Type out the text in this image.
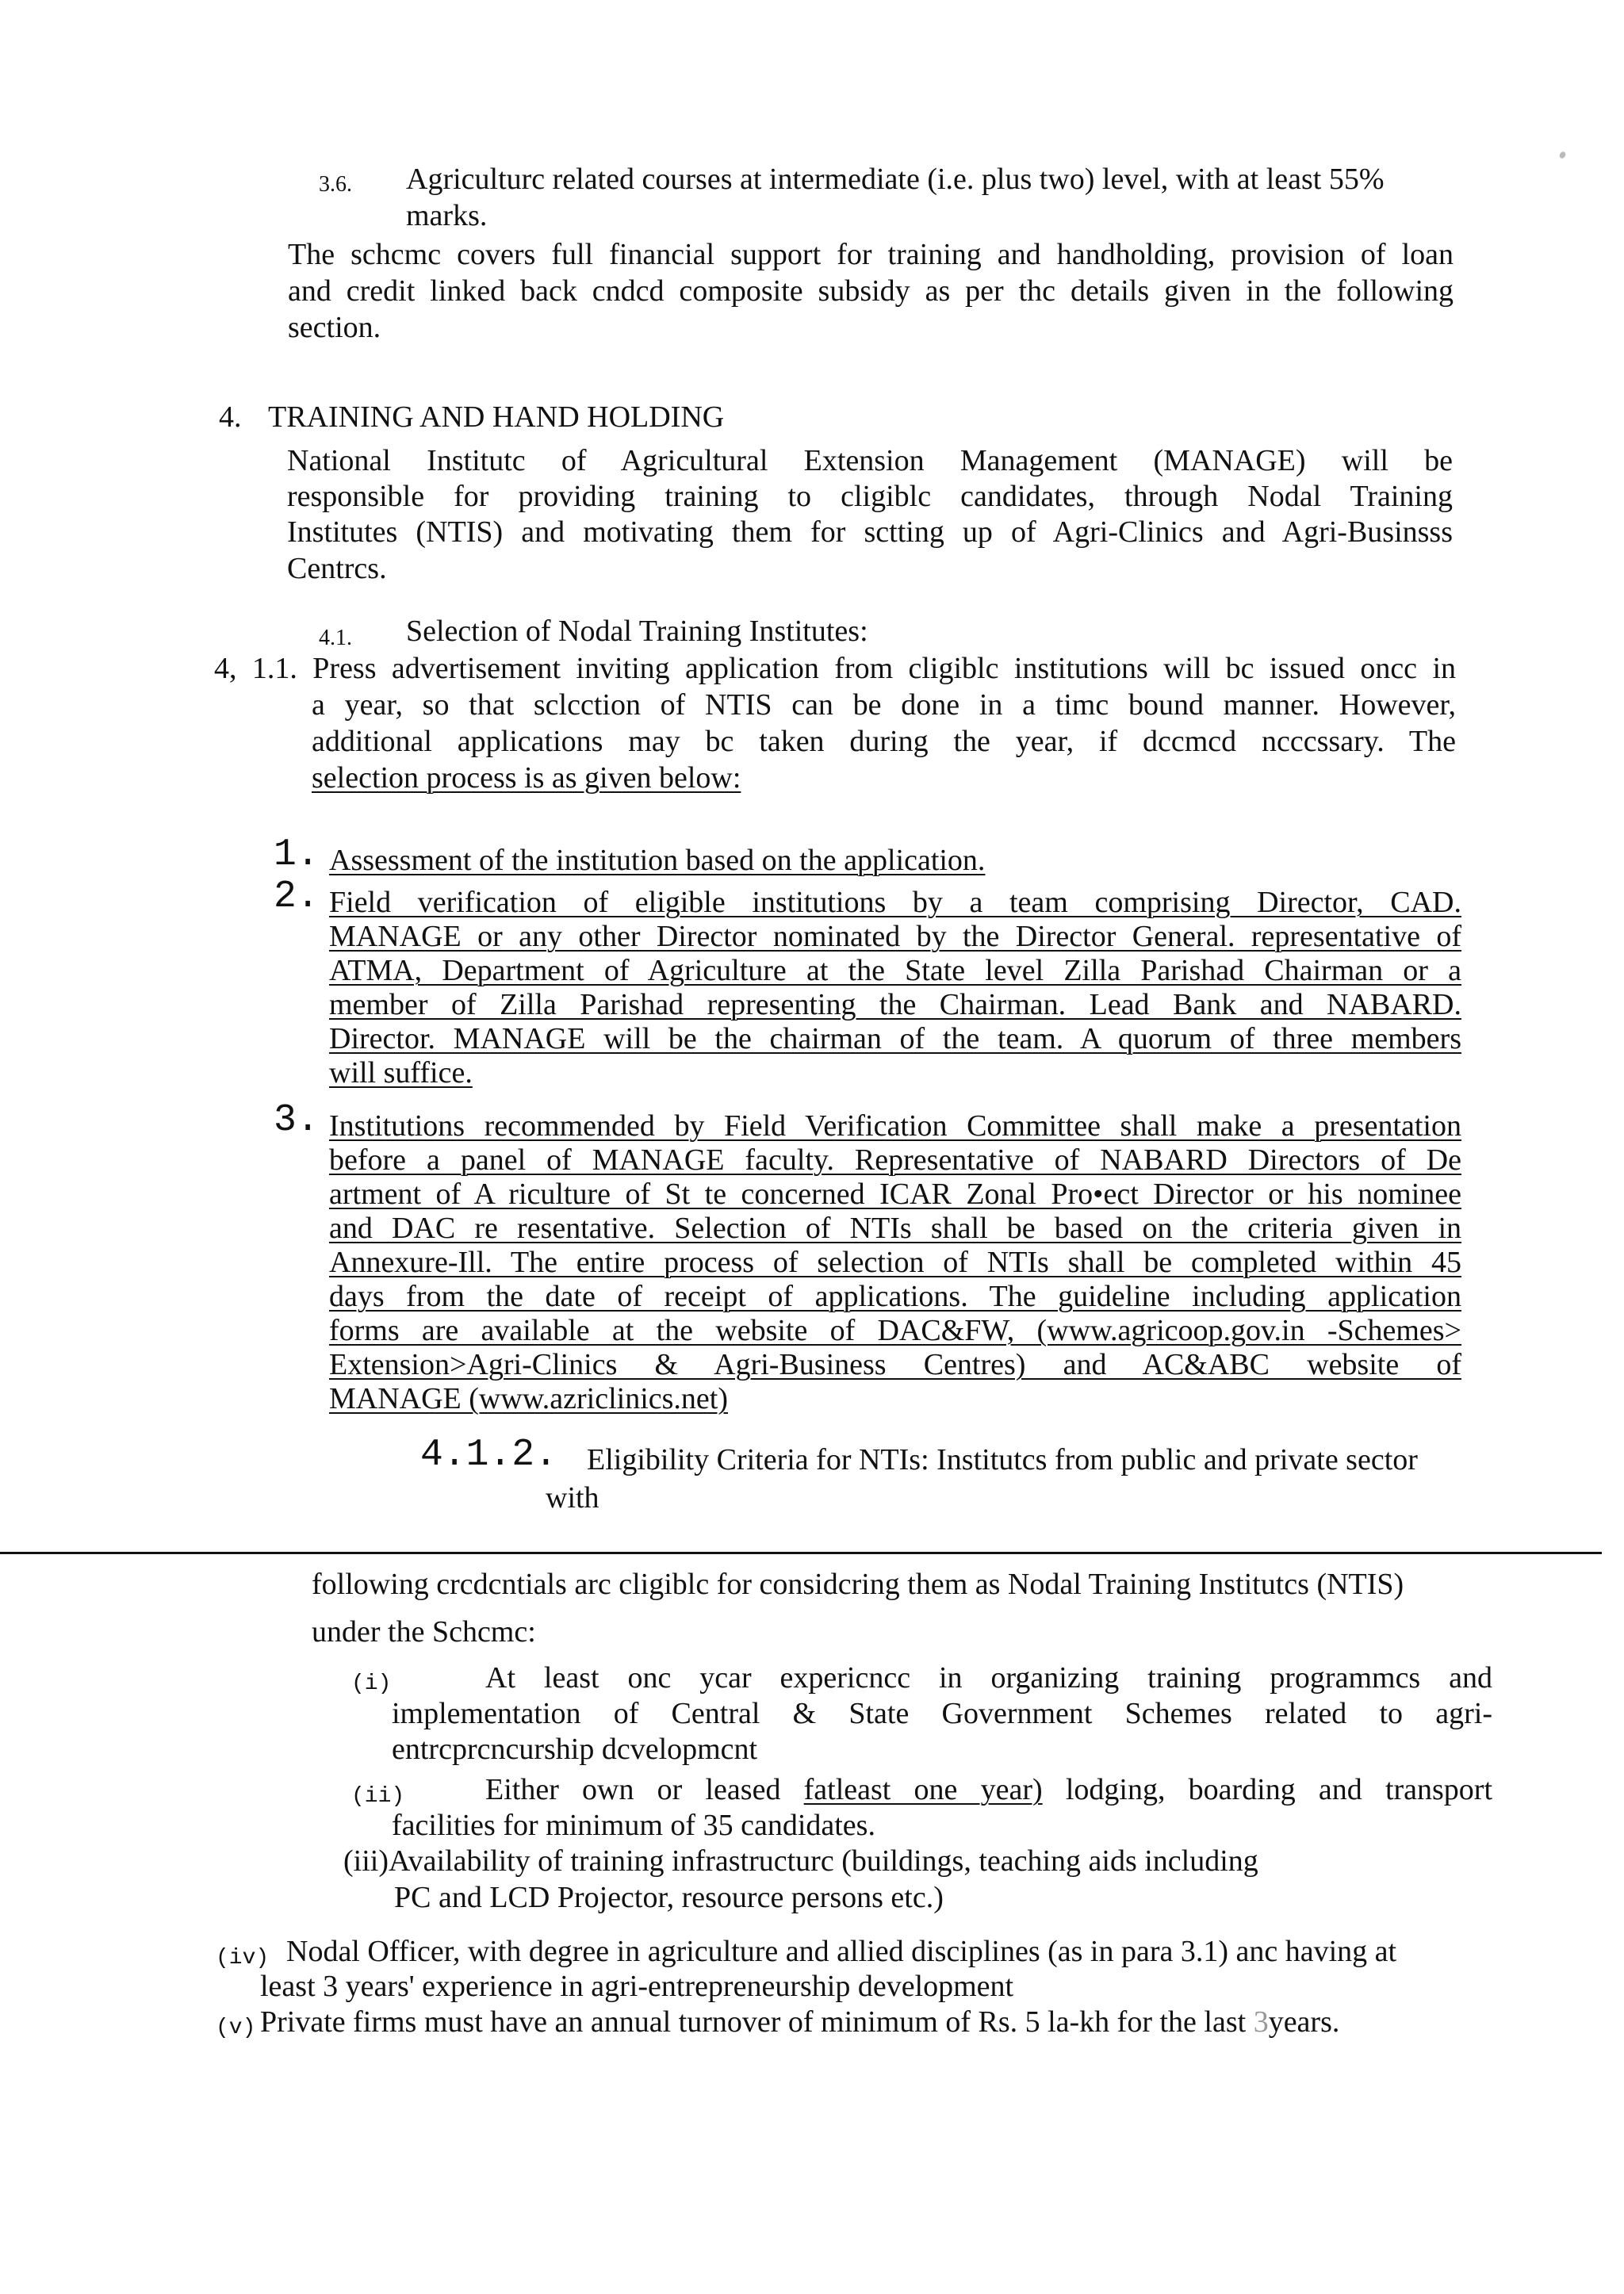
3.6. Agriculturc related courses at intermediate (i.e. plus two) level, with at least 55%
marks.
The schcmc covers full financial support for training and handholding, provision of loan
and credit linked back cndcd composite subsidy as per thc details given in the following
section.
4. TRAINING AND HAND HOLDING
National Institutc of Agricultural Extension Management (MANAGE) will be
responsible for providing training to cligiblc candidates, through Nodal Training
Institutes (NTIS) and motivating them for sctting up of Agri-Clinics and Agri-Businsss
Centrcs.
4.1. Selection of Nodal Training Institutes:
4, 1.1. Press advertisement inviting application from cligiblc institutions will bc issued oncc in
a year, so that sclcction of NTIS can be done in a timc bound manner. However,
additional applications may bc taken during the year, if dccmcd ncccssary. The
selection process is as given below:
1. Assessment of the institution based on the application.
2. Field verification of eligible institutions by a team comprising Director, CAD.
MANAGE or any other Director nominated by the Director General. representative of
ATMA, Department of Agriculture at the State level Zilla Parishad Chairman or a
member of Zilla Parishad representing the Chairman. Lead Bank and NABARD.
Director. MANAGE will be the chairman of the team. A quorum of three members
will suffice.
3. Institutions recommended by Field Verification Committee shall make a presentation
before a panel of MANAGE faculty. Representative of NABARD Directors of De
artment of A riculture of St te concerned ICAR Zonal Pro•ect Director or his nominee
and DAC re resentative. Selection of NTIs shall be based on the criteria given in
Annexure-Ill. The entire process of selection of NTIs shall be completed within 45
days from the date of receipt of applications. The guideline including application
forms are available at the website of DAC&FW, (www.agricoop.gov.in -Schemes>
Extension>Agri-Clinics & Agri-Business Centres) and AC&ABC website of
MANAGE (www.azriclinics.net)
4.1.2. Eligibility Criteria for NTIs: Institutcs from public and private sector
with
following crcdcntials arc cligiblc for considcring them as Nodal Training Institutcs (NTIS)
under the Schcmc:
(i)	At least onc ycar expericncc in organizing training programmcs and
implementation of Central & State Government Schemes related to agri-
entrcprcncurship dcvelopmcnt
(ii)	Either own or leased fatleast one year) lodging, boarding and transport
facilities for minimum of 35 candidates.
(iii)Availability of training infrastructurc (buildings, teaching aids including
PC and LCD Projector, resource persons etc.)
(iv) Nodal Officer, with degree in agriculture and allied disciplines (as in para 3.1) anc having at
least 3 years' experience in agri-entrepreneurship development
(v) Private firms must have an annual turnover of minimum of Rs. 5 la-kh for the last 3years.
